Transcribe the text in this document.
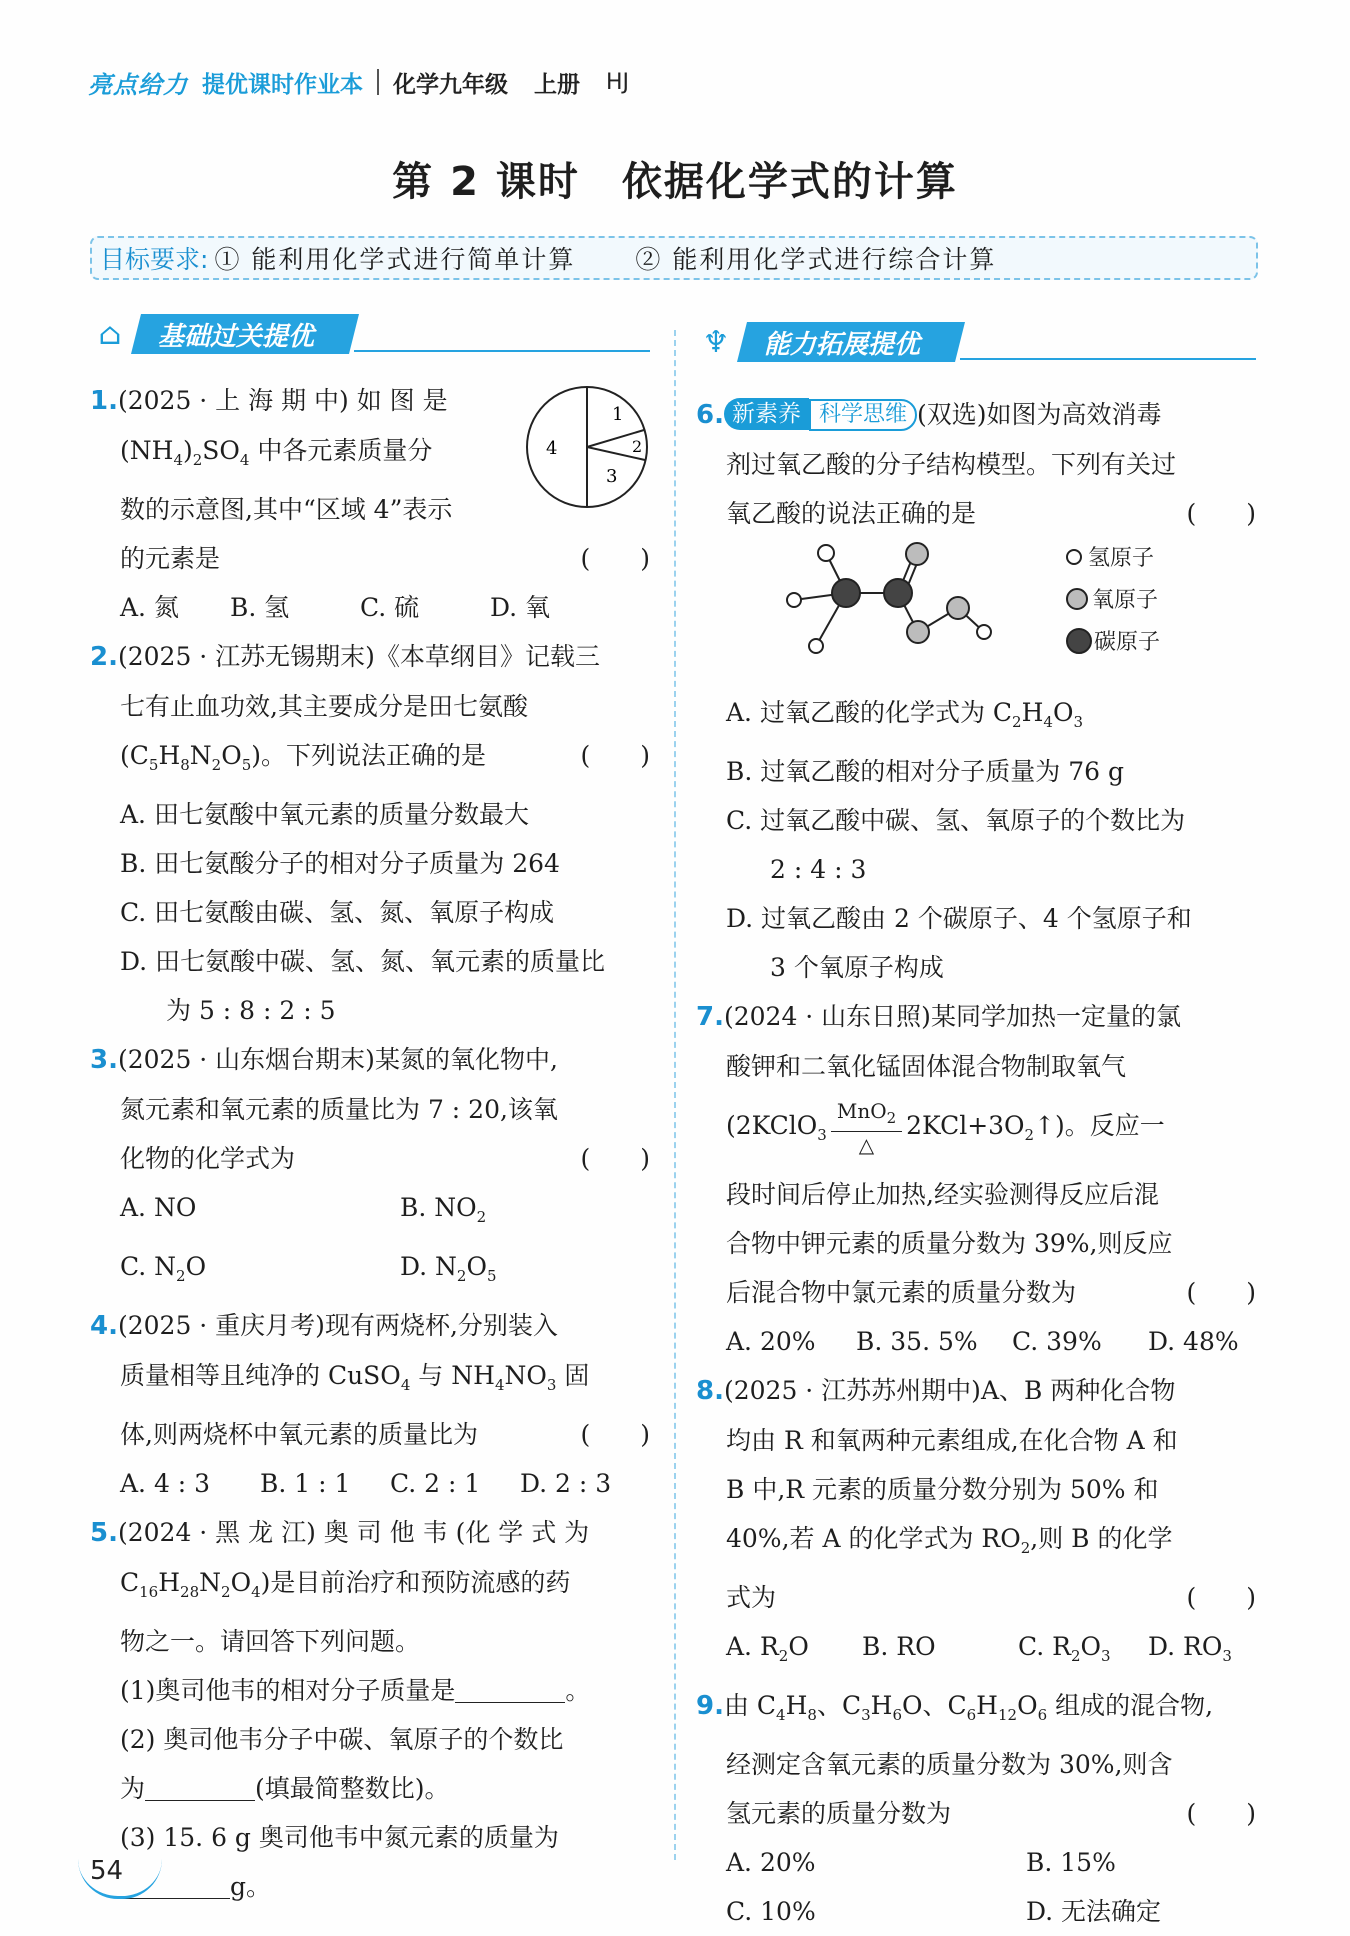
亮点给力 提优课时作业本 化学九年级 上册 HJ
第 2 课时　依据化学式的计算
目标要求: ① 能利用化学式进行简单计算 ② 能利用化学式进行综合计算
⌂	基础过关提优	♆ 能力拓展提优
1
2
3
4
1.(2025 · 上 海 期 中) 如 图 是
$(NH_4)_2SO_4$ 中各元素质量分
数的示意图,其中“区域 4”表示
的元素是	(　　)
A. 氮	B. 氢	C. 硫	D. 氧
2.(2025 · 江苏无锡期末)《本草纲目》记载三
七有止血功效,其主要成分是田七氨酸
$(C_5H_8N_2O_5)$。下列说法正确的是	(　　)
A. 田七氨酸中氧元素的质量分数最大
B. 田七氨酸分子的相对分子质量为 264
C. 田七氨酸由碳、氢、氮、氧原子构成
D. 田七氨酸中碳、氢、氮、氧元素的质量比
为 5 : 8 : 2 : 5
3.(2025 · 山东烟台期末)某氮的氧化物中,
氮元素和氧元素的质量比为 7 : 20,该氧
化物的化学式为	(　　)
A. NO	B. $NO_2$
C. $N_2O$	D. $N_2O_5$
4.(2025 · 重庆月考)现有两烧杯,分别装入
质量相等且纯净的 CuSO$_4$ 与 $NH_4NO_3$ 固
体,则两烧杯中氧元素的质量比为	(　　)
A. 4 : 3	B. 1 : 1	C. 2 : 1	D. 2 : 3
5.(2024 · 黑 龙 江) 奥 司 他 韦 (化 学 式 为
$C_{16}H_{28}N_2O_4$)是目前治疗和预防流感的药
物之一。请回答下列问题。
(1)奥司他韦的相对分子质量是	。
(2) 奥司他韦分子中碳、氧原子的个数比
为	(填最简整数比)。
(3) 15. 6 g 奥司他韦中氮元素的质量为
g。
6. 新素养 科学思维 (双选)如图为高效消毒
剂过氧乙酸的分子结构模型。下列有关过
氧乙酸的说法正确的是	(　　)
氢原子
氧原子
碳原子
A. 过氧乙酸的化学式为 $C_2H_4O_3$
B. 过氧乙酸的相对分子质量为 76 g
C. 过氧乙酸中碳、氢、氧原子的个数比为
2 : 4 : 3
D. 过氧乙酸由 2 个碳原子、4 个氢原子和
3 个氧原子构成
7.(2024 · 山东日照)某同学加热一定量的氯
酸钾和二氧化锰固体混合物制取氧气
(2KClO$_3$ $\frac{MnO_2}{\triangle}$ $2KCl+3O_2↑$)。反应一
段时间后停止加热,经实验测得反应后混
合物中钾元素的质量分数为 39%,则反应
后混合物中氯元素的质量分数为	(　　)
A. 20%	B. 35. 5%	C. 39%	D. 48%
8.(2025 · 江苏苏州期中)A、B 两种化合物
均由 R 和氧两种元素组成,在化合物 A 和
B 中,R 元素的质量分数分别为 50% 和
40%,若 A 的化学式为 $RO_2$,则 B 的化学
式为	(　　)
A. $R_2O$	B. RO	C. $R_2O_3$	D. $RO_3$
9.由 $C_4H_8$、$C_3H_6O$、$C_6H_{12}O_6$ 组成的混合物,
经测定含氧元素的质量分数为 30%,则含
氢元素的质量分数为	(　　)
A. 20%	B. 15%
C. 10%	D. 无法确定
54
